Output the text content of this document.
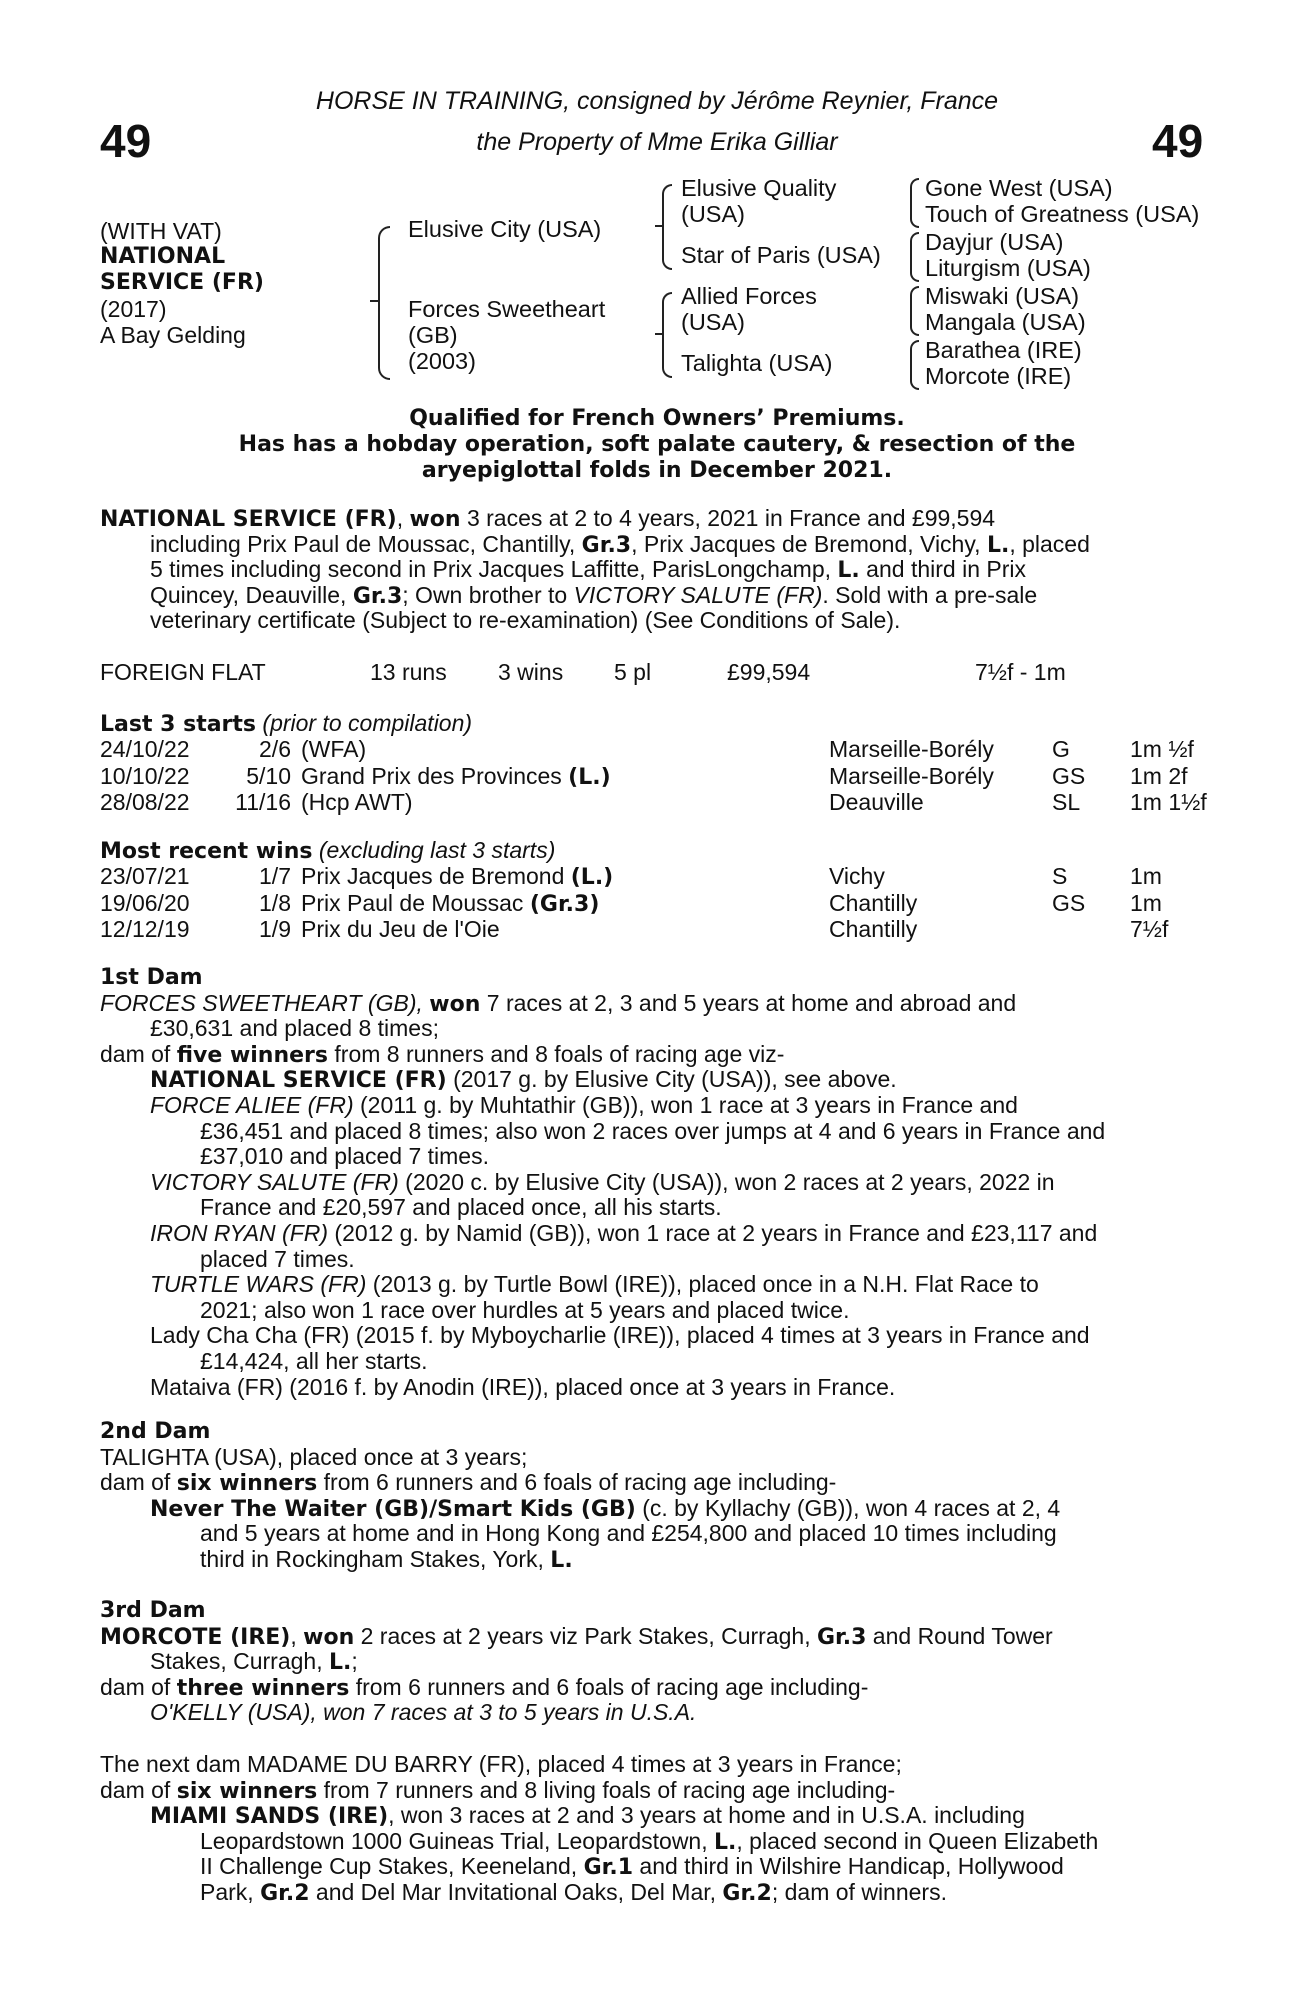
49	49
HORSE IN TRAINING, consigned by Jérôme Reynier, France
the Property of Mme Erika Gilliar
(WITH VAT)
NATIONAL
SERVICE (FR)
(2017)
A Bay Gelding
Elusive City (USA)
Forces Sweetheart
(GB)
(2003)
Elusive Quality
(USA)
Star of Paris (USA)
Allied Forces
(USA)
Talighta (USA)
Gone West (USA)
Touch of Greatness (USA)
Dayjur (USA)
Liturgism (USA)
Miswaki (USA)
Mangala (USA)
Barathea (IRE)
Morcote (IRE)
Qualified for French Owners’ Premiums.
Has has a hobday operation, soft palate cautery, & resection of the
aryepiglottal folds in December 2021.
NATIONAL SERVICE (FR), won 3 races at 2 to 4 years, 2021 in France and £99,594
including Prix Paul de Moussac, Chantilly, Gr.3, Prix Jacques de Bremond, Vichy, L., placed
5 times including second in Prix Jacques Laffitte, ParisLongchamp, L. and third in Prix
Quincey, Deauville, Gr.3; Own brother to VICTORY SALUTE (FR). Sold with a pre-sale
veterinary certificate (Subject to re-examination) (See Conditions of Sale).
FOREIGN FLAT	13 runs 3 wins 5 pl	£99,594	7½f - 1m
Last 3 starts (prior to compilation)
24/10/22	2/6	(WFA)	Marseille-Borély	G	1m ½f
10/10/22	5/10	Grand Prix des Provinces (L.)	Marseille-Borély	GS	1m 2f
28/08/22	11/16	(Hcp AWT)	Deauville	SL	1m 1½f
Most recent wins (excluding last 3 starts)
23/07/21	1/7	Prix Jacques de Bremond (L.)	Vichy	S	1m
19/06/20	1/8	Prix Paul de Moussac (Gr.3)	Chantilly	GS	1m
12/12/19	1/9	Prix du Jeu de l'Oie	Chantilly		7½f
1st Dam
FORCES SWEETHEART (GB), won 7 races at 2, 3 and 5 years at home and abroad and
£30,631 and placed 8 times;
dam of five winners from 8 runners and 8 foals of racing age viz-
NATIONAL SERVICE (FR) (2017 g. by Elusive City (USA)), see above.
FORCE ALIEE (FR) (2011 g. by Muhtathir (GB)), won 1 race at 3 years in France and
£36,451 and placed 8 times; also won 2 races over jumps at 4 and 6 years in France and
£37,010 and placed 7 times.
VICTORY SALUTE (FR) (2020 c. by Elusive City (USA)), won 2 races at 2 years, 2022 in
France and £20,597 and placed once, all his starts.
IRON RYAN (FR) (2012 g. by Namid (GB)), won 1 race at 2 years in France and £23,117 and
placed 7 times.
TURTLE WARS (FR) (2013 g. by Turtle Bowl (IRE)), placed once in a N.H. Flat Race to
2021; also won 1 race over hurdles at 5 years and placed twice.
Lady Cha Cha (FR) (2015 f. by Myboycharlie (IRE)), placed 4 times at 3 years in France and
£14,424, all her starts.
Mataiva (FR) (2016 f. by Anodin (IRE)), placed once at 3 years in France.
2nd Dam
TALIGHTA (USA), placed once at 3 years;
dam of six winners from 6 runners and 6 foals of racing age including-
Never The Waiter (GB)/Smart Kids (GB) (c. by Kyllachy (GB)), won 4 races at 2, 4
and 5 years at home and in Hong Kong and £254,800 and placed 10 times including
third in Rockingham Stakes, York, L.
3rd Dam
MORCOTE (IRE), won 2 races at 2 years viz Park Stakes, Curragh, Gr.3 and Round Tower
Stakes, Curragh, L.;
dam of three winners from 6 runners and 6 foals of racing age including-
O'KELLY (USA), won 7 races at 3 to 5 years in U.S.A.
The next dam MADAME DU BARRY (FR), placed 4 times at 3 years in France;
dam of six winners from 7 runners and 8 living foals of racing age including-
MIAMI SANDS (IRE), won 3 races at 2 and 3 years at home and in U.S.A. including
Leopardstown 1000 Guineas Trial, Leopardstown, L., placed second in Queen Elizabeth
II Challenge Cup Stakes, Keeneland, Gr.1 and third in Wilshire Handicap, Hollywood
Park, Gr.2 and Del Mar Invitational Oaks, Del Mar, Gr.2; dam of winners.
